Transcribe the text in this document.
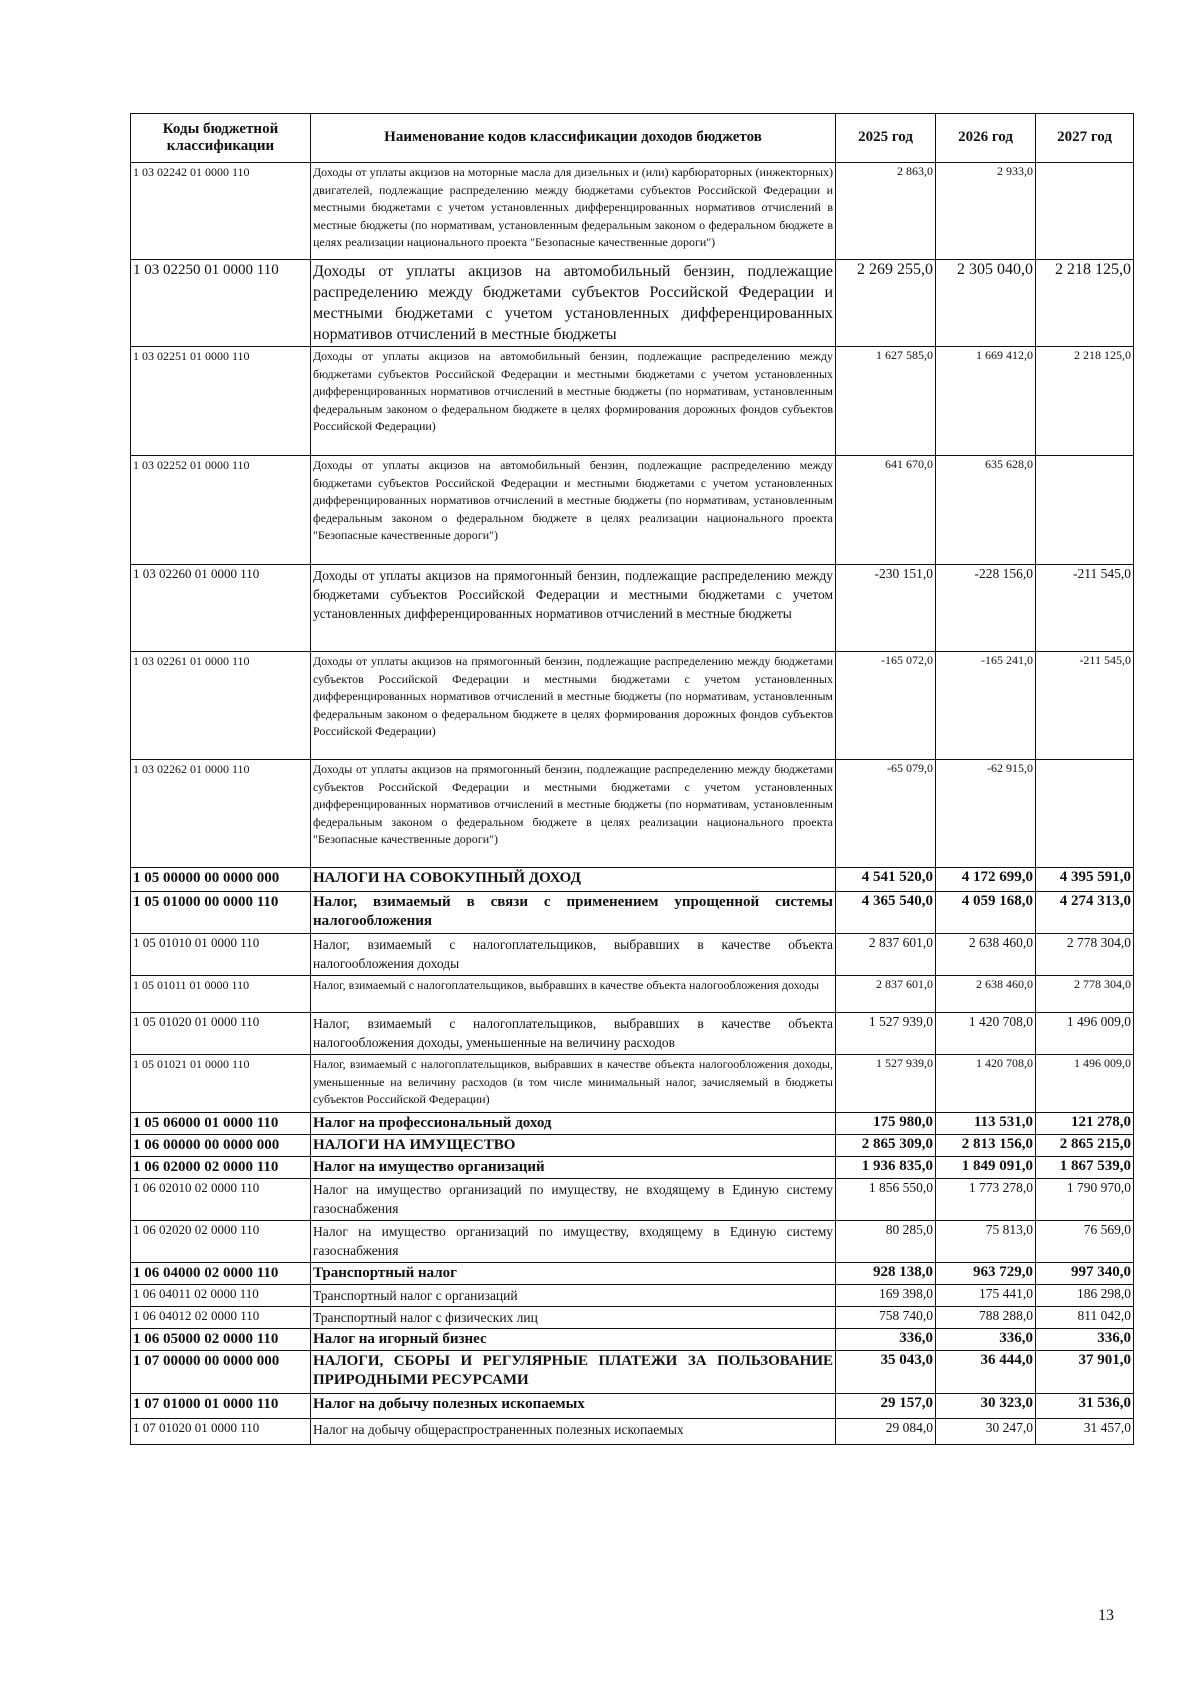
Коды бюджетной классификации	Наименование кодов классификации доходов бюджетов	2025 год	2026 год	2027 год
1 03 02242 01 0000 110	Доходы от уплаты акцизов на моторные масла для дизельных и (или) карбюраторных (инжекторных) двигателей, подлежащие распределению между бюджетами субъектов Российской Федерации и местными бюджетами с учетом установленных дифференцированных нормативов отчислений в местные бюджеты (по нормативам, установленным федеральным законом о федеральном бюджете в целях реализации национального проекта "Безопасные качественные дороги")	2 863,0	2 933,0	
1 03 02250 01 0000 110	Доходы от уплаты акцизов на автомобильный бензин, подлежащие распределению между бюджетами субъектов Российской Федерации и местными бюджетами с учетом установленных дифференцированных нормативов отчислений в местные бюджеты	2 269 255,0	2 305 040,0	2 218 125,0
1 03 02251 01 0000 110	Доходы от уплаты акцизов на автомобильный бензин, подлежащие распределению между бюджетами субъектов Российской Федерации и местными бюджетами с учетом установленных дифференцированных нормативов отчислений в местные бюджеты (по нормативам, установленным федеральным законом о федеральном бюджете в целях формирования дорожных фондов субъектов Российской Федерации)	1 627 585,0	1 669 412,0	2 218 125,0
1 03 02252 01 0000 110	Доходы от уплаты акцизов на автомобильный бензин, подлежащие распределению между бюджетами субъектов Российской Федерации и местными бюджетами с учетом установленных дифференцированных нормативов отчислений в местные бюджеты (по нормативам, установленным федеральным законом о федеральном бюджете в целях реализации национального проекта "Безопасные качественные дороги")	641 670,0	635 628,0	
1 03 02260 01 0000 110	Доходы от уплаты акцизов на прямогонный бензин, подлежащие распределению между бюджетами субъектов Российской Федерации и местными бюджетами с учетом установленных дифференцированных нормативов отчислений в местные бюджеты	-230 151,0	-228 156,0	-211 545,0
1 03 02261 01 0000 110	Доходы от уплаты акцизов на прямогонный бензин, подлежащие распределению между бюджетами субъектов Российской Федерации и местными бюджетами с учетом установленных дифференцированных нормативов отчислений в местные бюджеты (по нормативам, установленным федеральным законом о федеральном бюджете в целях формирования дорожных фондов субъектов Российской Федерации)	-165 072,0	-165 241,0	-211 545,0
1 03 02262 01 0000 110	Доходы от уплаты акцизов на прямогонный бензин, подлежащие распределению между бюджетами субъектов Российской Федерации и местными бюджетами с учетом установленных дифференцированных нормативов отчислений в местные бюджеты (по нормативам, установленным федеральным законом о федеральном бюджете в целях реализации национального проекта "Безопасные качественные дороги")	-65 079,0	-62 915,0	
1 05 00000 00 0000 000	НАЛОГИ НА СОВОКУПНЫЙ ДОХОД	4 541 520,0	4 172 699,0	4 395 591,0
1 05 01000 00 0000 110	Налог, взимаемый в связи с применением упрощенной системы налогообложения	4 365 540,0	4 059 168,0	4 274 313,0
1 05 01010 01 0000 110	Налог, взимаемый с налогоплательщиков, выбравших в качестве объекта налогообложения доходы	2 837 601,0	2 638 460,0	2 778 304,0
1 05 01011 01 0000 110	Налог, взимаемый с налогоплательщиков, выбравших в качестве объекта налогообложения доходы	2 837 601,0	2 638 460,0	2 778 304,0
1 05 01020 01 0000 110	Налог, взимаемый с налогоплательщиков, выбравших в качестве объекта налогообложения доходы, уменьшенные на величину расходов	1 527 939,0	1 420 708,0	1 496 009,0
1 05 01021 01 0000 110	Налог, взимаемый с налогоплательщиков, выбравших в качестве объекта налогообложения доходы, уменьшенные на величину расходов (в том числе минимальный налог, зачисляемый в бюджеты субъектов Российской Федерации)	1 527 939,0	1 420 708,0	1 496 009,0
1 05 06000 01 0000 110	Налог на профессиональный доход	175 980,0	113 531,0	121 278,0
1 06 00000 00 0000 000	НАЛОГИ НА ИМУЩЕСТВО	2 865 309,0	2 813 156,0	2 865 215,0
1 06 02000 02 0000 110	Налог на имущество организаций	1 936 835,0	1 849 091,0	1 867 539,0
1 06 02010 02 0000 110	Налог на имущество организаций по имуществу, не входящему в Единую систему газоснабжения	1 856 550,0	1 773 278,0	1 790 970,0
1 06 02020 02 0000 110	Налог на имущество организаций по имуществу, входящему в Единую систему газоснабжения	80 285,0	75 813,0	76 569,0
1 06 04000 02 0000 110	Транспортный налог	928 138,0	963 729,0	997 340,0
1 06 04011 02 0000 110	Транспортный налог с организаций	169 398,0	175 441,0	186 298,0
1 06 04012 02 0000 110	Транспортный налог с физических лиц	758 740,0	788 288,0	811 042,0
1 06 05000 02 0000 110	Налог на игорный бизнес	336,0	336,0	336,0
1 07 00000 00 0000 000	НАЛОГИ, СБОРЫ И РЕГУЛЯРНЫЕ ПЛАТЕЖИ ЗА ПОЛЬЗОВАНИЕ ПРИРОДНЫМИ РЕСУРСАМИ	35 043,0	36 444,0	37 901,0
1 07 01000 01 0000 110	Налог на добычу полезных ископаемых	29 157,0	30 323,0	31 536,0
1 07 01020 01 0000 110	Налог на добычу общераспространенных полезных ископаемых	29 084,0	30 247,0	31 457,0
13
